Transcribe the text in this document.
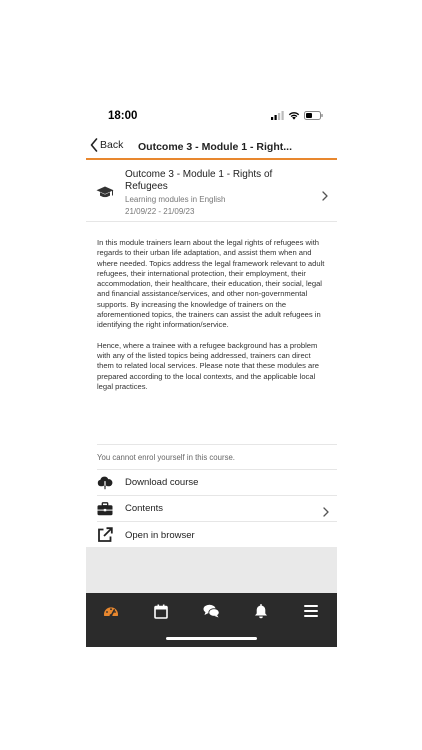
18:00
Back Outcome 3 - Module 1 - Right...
Outcome 3 - Module 1 - Rights of Refugees
Learning modules in English
21/09/22 - 21/09/23

In this module trainers learn about the legal rights of refugees with regards to their urban life adaptation, and assist them when and where needed. Topics address the legal framework relevant to adult refugees, their international protection, their employment, their accommodation, their healthcare, their education, their social, legal and financial assistance/services, and other non-governmental supports. By increasing the knowledge of trainers on the aforementioned topics, the trainers can assist the adult refugees in identifying the right information/service.

Hence, where a trainee with a refugee background has a problem with any of the listed topics being addressed, trainers can direct them to related local services. Please note that these modules are prepared according to the local contexts, and the applicable local legal practices.

You cannot enrol yourself in this course.
Download course
Contents
Open in browser
